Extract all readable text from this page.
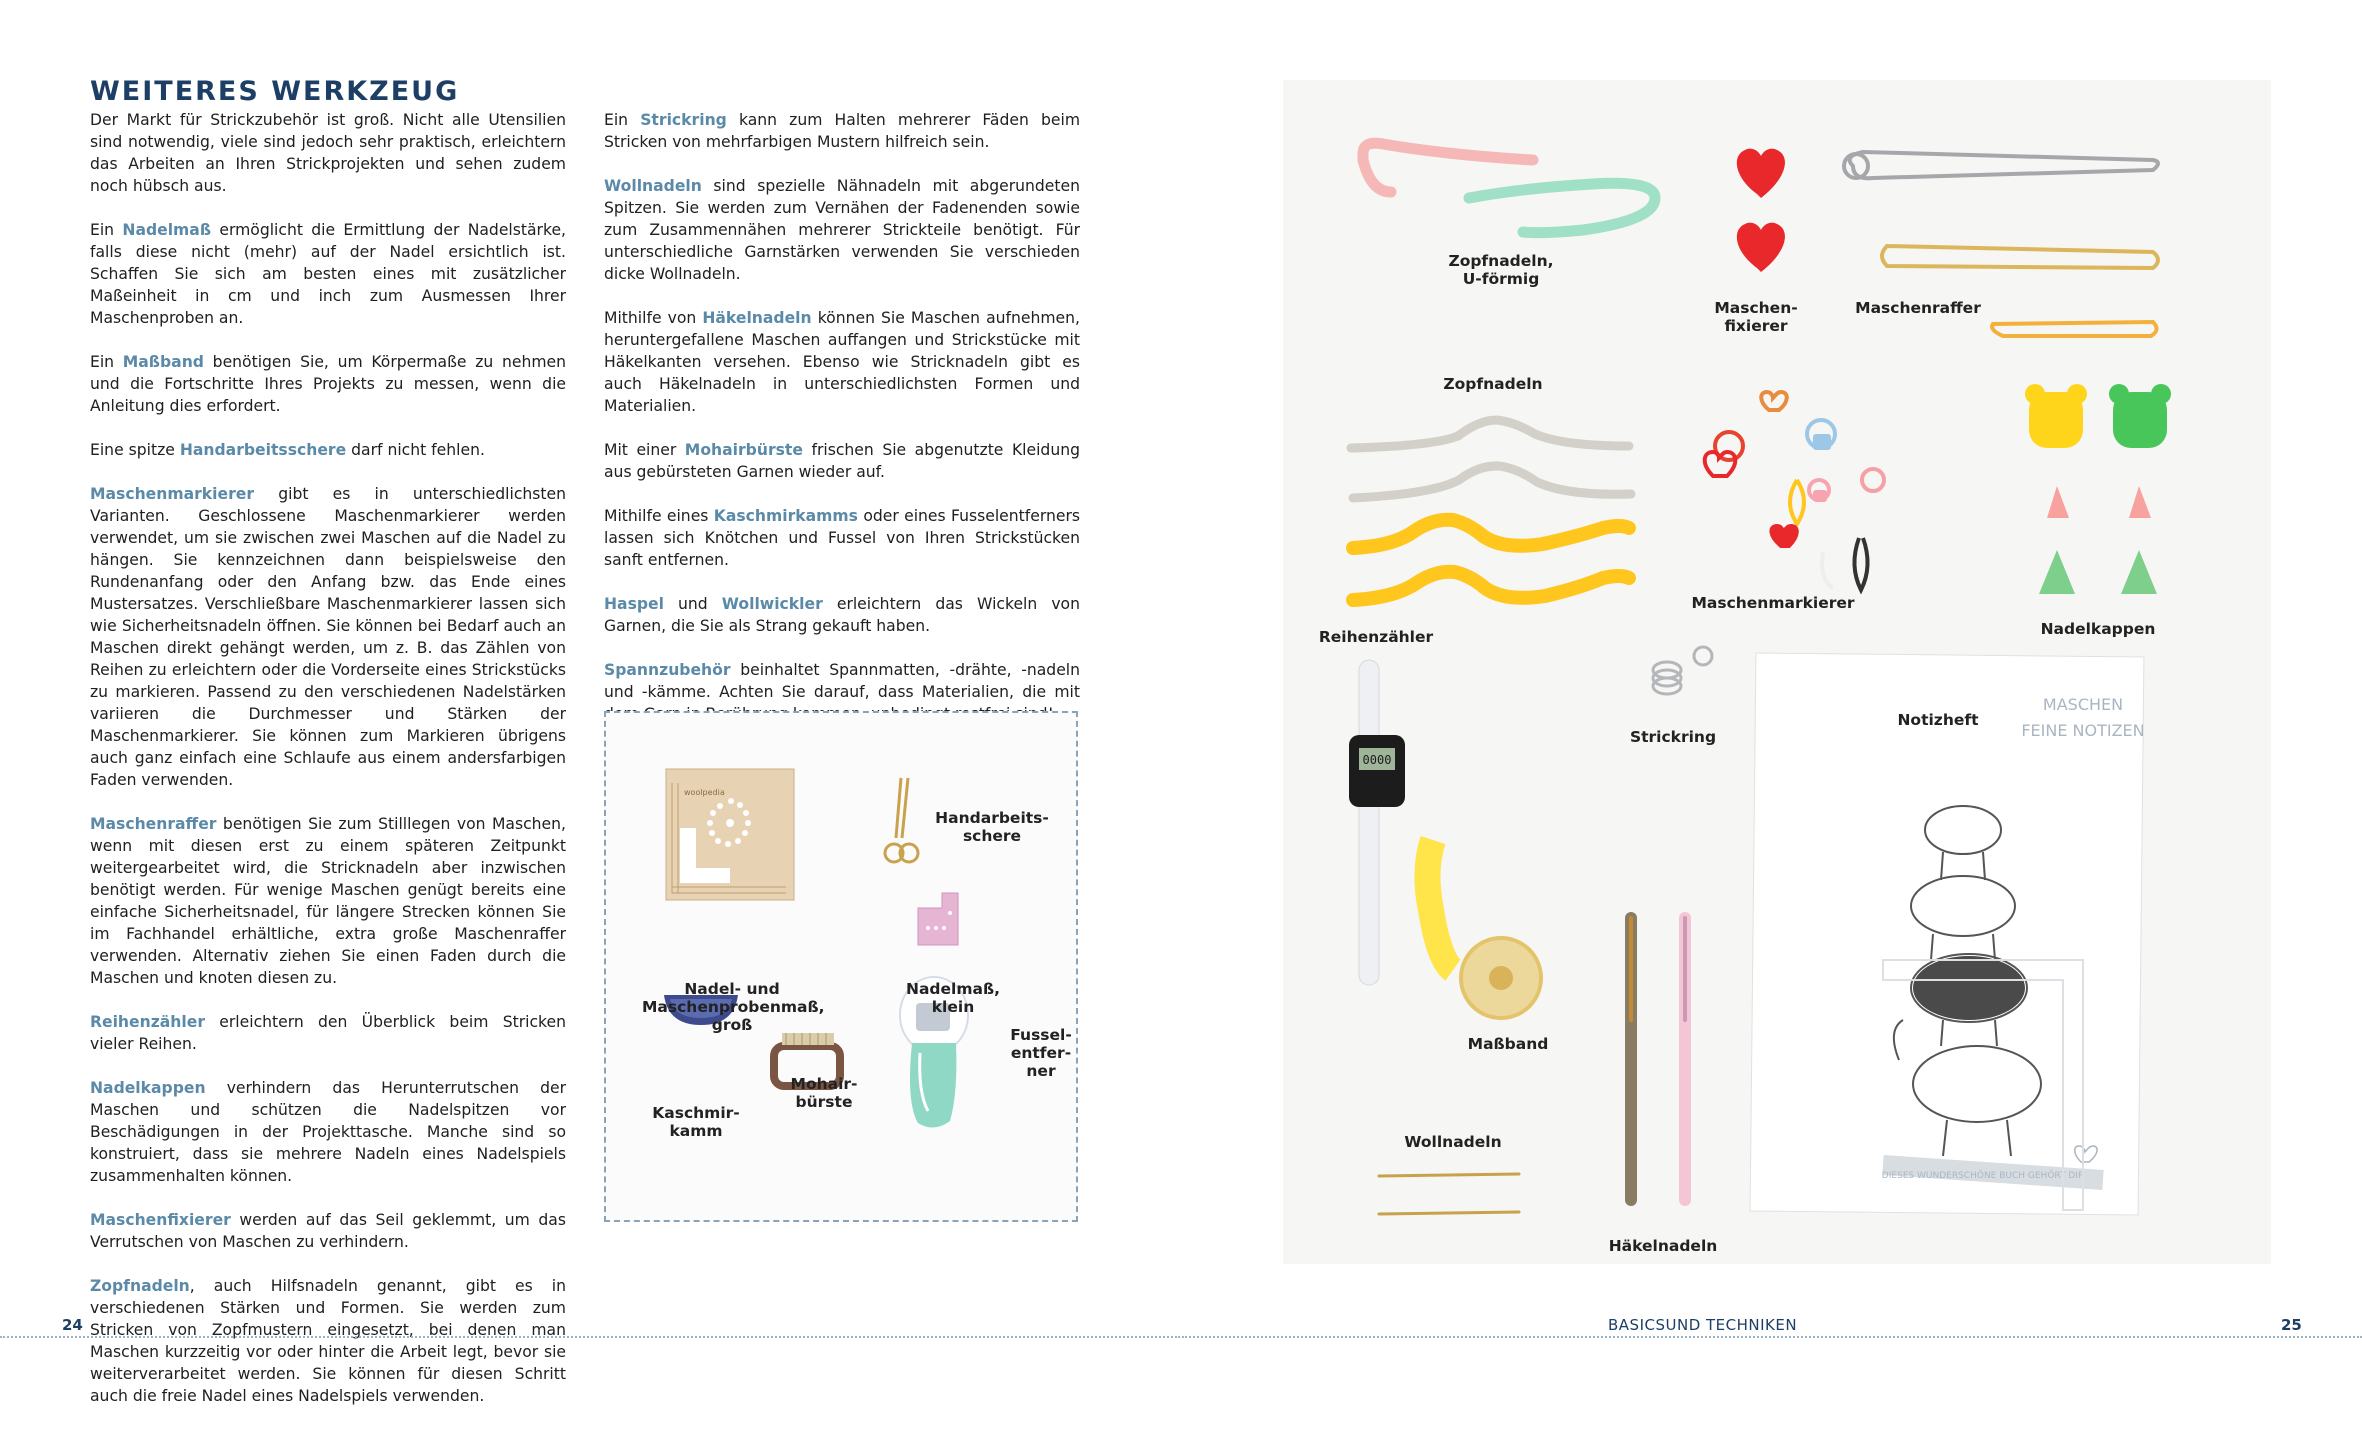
WEITERES WERKZEUG

Der Markt für Strickzubehör ist groß. Nicht alle Utensilien sind notwendig, viele sind jedoch sehr praktisch, erleichtern das Arbeiten an Ihren Strickprojekten und sehen zudem noch hübsch aus.

Ein Nadelmaß ermöglicht die Ermittlung der Nadelstärke, falls diese nicht (mehr) auf der Nadel ersichtlich ist. Schaffen Sie sich am besten eines mit zusätzlicher Maßeinheit in cm und inch zum Ausmessen Ihrer Maschenproben an.

Ein Maßband benötigen Sie, um Körpermaße zu nehmen und die Fortschritte Ihres Projekts zu messen, wenn die Anleitung dies erfordert.

Eine spitze Handarbeitsschere darf nicht fehlen.

Maschenmarkierer gibt es in unterschiedlichsten Varianten. Geschlossene Maschenmarkierer werden verwendet, um sie zwischen zwei Maschen auf die Nadel zu hängen. Sie kennzeichnen dann beispielsweise den Rundenanfang oder den Anfang bzw. das Ende eines Mustersatzes. Verschließbare Maschenmarkierer lassen sich wie Sicherheitsnadeln öffnen. Sie können bei Bedarf auch an Maschen direkt gehängt werden, um z. B. das Zählen von Reihen zu erleichtern oder die Vorderseite eines Strickstücks zu markieren. Passend zu den verschiedenen Nadelstärken variieren die Durchmesser und Stärken der Maschenmarkierer. Sie können zum Markieren übrigens auch ganz einfach eine Schlaufe aus einem andersfarbigen Faden verwenden.

Maschenraffer benötigen Sie zum Stilllegen von Maschen, wenn mit diesen erst zu einem späteren Zeitpunkt weitergearbeitet wird, die Stricknadeln aber inzwischen benötigt werden. Für wenige Maschen genügt bereits eine einfache Sicherheitsnadel, für längere Strecken können Sie im Fachhandel erhältliche, extra große Maschenraffer verwenden. Alternativ ziehen Sie einen Faden durch die Maschen und knoten diesen zu.

Reihenzähler erleichtern den Überblick beim Stricken vieler Reihen.

Nadelkappen verhindern das Herunterrutschen der Maschen und schützen die Nadelspitzen vor Beschädigungen in der Projekttasche. Manche sind so konstruiert, dass sie mehrere Nadeln eines Nadelspiels zusammenhalten können.

Maschenfixierer werden auf das Seil geklemmt, um das Verrutschen von Maschen zu verhindern.

Zopfnadeln, auch Hilfsnadeln genannt, gibt es in verschiedenen Stärken und Formen. Sie werden zum Stricken von Zopfmustern eingesetzt, bei denen man Maschen kurzzeitig vor oder hinter die Arbeit legt, bevor sie weiterverarbeitet werden. Sie können für diesen Schritt auch die freie Nadel eines Nadelspiels verwenden.

Ein Strickring kann zum Halten mehrerer Fäden beim Stricken von mehrfarbigen Mustern hilfreich sein.

Wollnadeln sind spezielle Nähnadeln mit abgerundeten Spitzen. Sie werden zum Vernähen der Fadenenden sowie zum Zusammennähen mehrerer Strickteile benötigt. Für unterschiedliche Garnstärken verwenden Sie verschieden dicke Wollnadeln.

Mithilfe von Häkelnadeln können Sie Maschen aufnehmen, heruntergefallene Maschen auffangen und Strickstücke mit Häkelkanten versehen. Ebenso wie Stricknadeln gibt es auch Häkelnadeln in unterschiedlichsten Formen und Materialien.

Mit einer Mohairbürste frischen Sie abgenutzte Kleidung aus gebürsteten Garnen wieder auf.

Mithilfe eines Kaschmirkamms oder eines Fusselentferners lassen sich Knötchen und Fussel von Ihren Strickstücken sanft entfernen.

Haspel und Wollwickler erleichtern das Wickeln von Garnen, die Sie als Strang gekauft haben.

Spannzubehör beinhaltet Spannmatten, -drähte, -nadeln und -kämme. Achten Sie darauf, dass Materialien, die mit

woolpedia
Handarbeits-
schere
Nadel- und
Maschenprobenmaß,
groß
Nadelmaß,
klein
Fussel-
entfer-
ner
Mohair-
bürste
Kaschmir-
kamm
0000
MASCHEN
FEINE NOTIZEN
DIESES WUNDERSCHÖNE BUCH GEHÖRT DIR
Zopfnadeln,
U-förmig
Maschen-
fixierer
Maschenraffer
Zopfnadeln
Maschenmarkierer
Nadelkappen
Reihenzähler
Strickring
Notizheft
Maßband
Wollnadeln
Häkelnadeln
24	BASICSUND TECHNIKEN	25
